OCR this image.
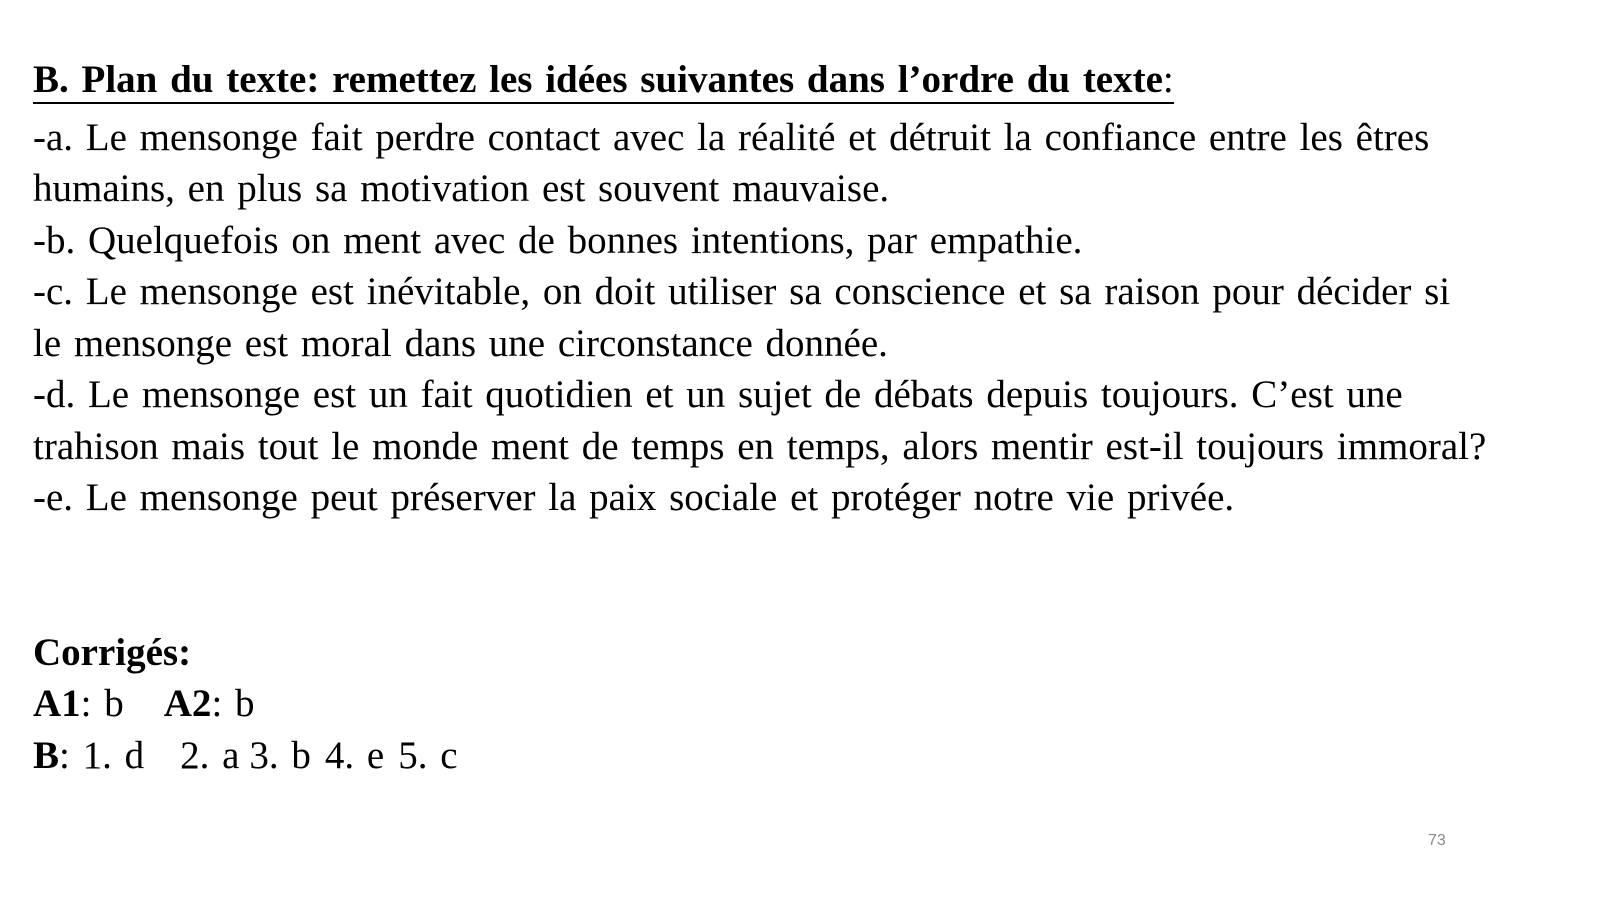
B. Plan du texte: remettez les idées suivantes dans l’ordre du texte:
-a. Le mensonge fait perdre contact avec la réalité et détruit la confiance entre les êtres
humains, en plus sa motivation est souvent mauvaise.
-b. Quelquefois on ment avec de bonnes intentions, par empathie.
-c. Le mensonge est inévitable, on doit utiliser sa conscience et sa raison pour décider si
le mensonge est moral dans une circonstance donnée.
-d. Le mensonge est un fait quotidien et un sujet de débats depuis toujours. C’est une
trahison mais tout le monde ment de temps en temps, alors mentir est-il toujours immoral?
-e. Le mensonge peut préserver la paix sociale et protéger notre vie privée.
Corrigés:
A1: b A2: b
B: 1. d 2. a 3. b 4. e 5. c
73
